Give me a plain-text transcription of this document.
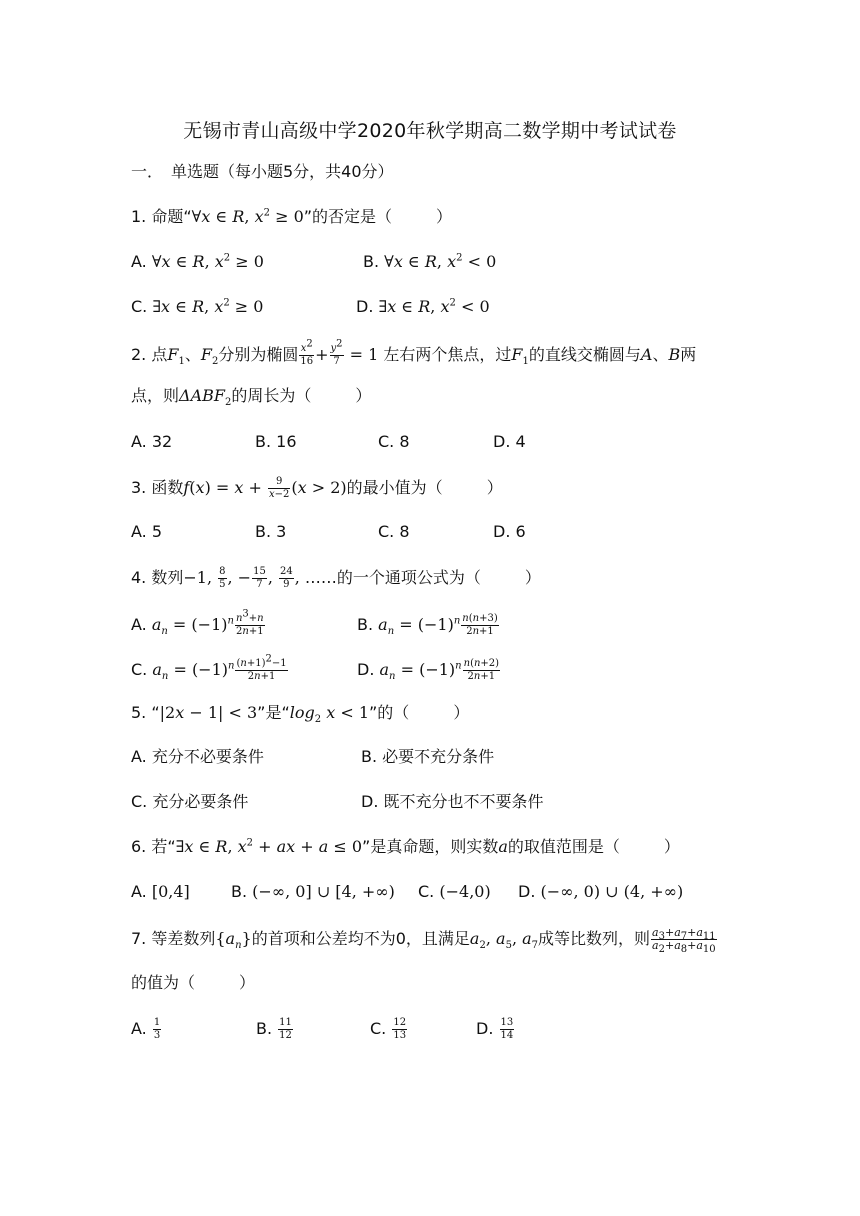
无锡市青山高级中学2020年秋学期高二数学期中考试试卷
一．　单选题（每小题5分，共40分）
1. 命题“∀x ∈ R, $x^2 \ge 0$”的否定是（	）
A. ∀x ∈ R, $x^2 \ge 0$	B. ∀x ∈ R, $x^2 < 0$
C. ∃x ∈ R, $x^2 \ge 0$	D. ∃x ∈ R, $x^2 < 0$
2. 点$F_1$、$F_2$分别为椭圆 $\frac{x^2}{16} + \frac{y^2}{7} = 1$ 左右两个焦点，过$F_1$的直线交椭圆与A、B两
点，则$\Delta ABF_2$的周长为（	）
A. 32	B. 16	C. 8	D. 4
3. 函数$f(x) = x + \frac{9}{x-2} (x > 2)$的最小值为（	）
A. 5	B. 3	C. 8	D. 6
4. 数列−1, $\frac{8}{5}$ , − $\frac{15}{7}$ , $\frac{24}{9}$ , ……的一个通项公式为（	）
A. $a_n = (-1)^n \frac{n^3+n}{2n+1}$	B. $a_n = (-1)^n \frac{n(n+3)}{2n+1}$
C. $a_n = (-1)^n \frac{(n+1)^2-1}{2n+1}$	D. $a_n = (-1)^n \frac{n(n+2)}{2n+1}$
5. “|2x − 1| < 3”是“$\log_2$ x < 1”的（	）
A. 充分不必要条件	B. 必要不充分条件
C. 充分必要条件	D. 既不充分也不不要条件
6. 若“∃x ∈ R, $x^2$ + ax + a ≤ 0”是真命题，则实数a的取值范围是（	）
A. [0,4]	B. (−∞, 0] ∪ [4, +∞) C. (−4,0) D. (−∞, 0) ∪ (4, +∞)
7. 等差数列$\{a_n\}$的首项和公差均不为0，且满足$a_2$, $a_5$, $a_7$成等比数列，则 $\frac{a_3+a_7+a_{11}}{a_2+a_8+a_{10}}$
的值为（	）
A. $\frac{1}{3}$	B. $\frac{11}{12}$	C. $\frac{12}{13}$	D. $\frac{13}{14}$
